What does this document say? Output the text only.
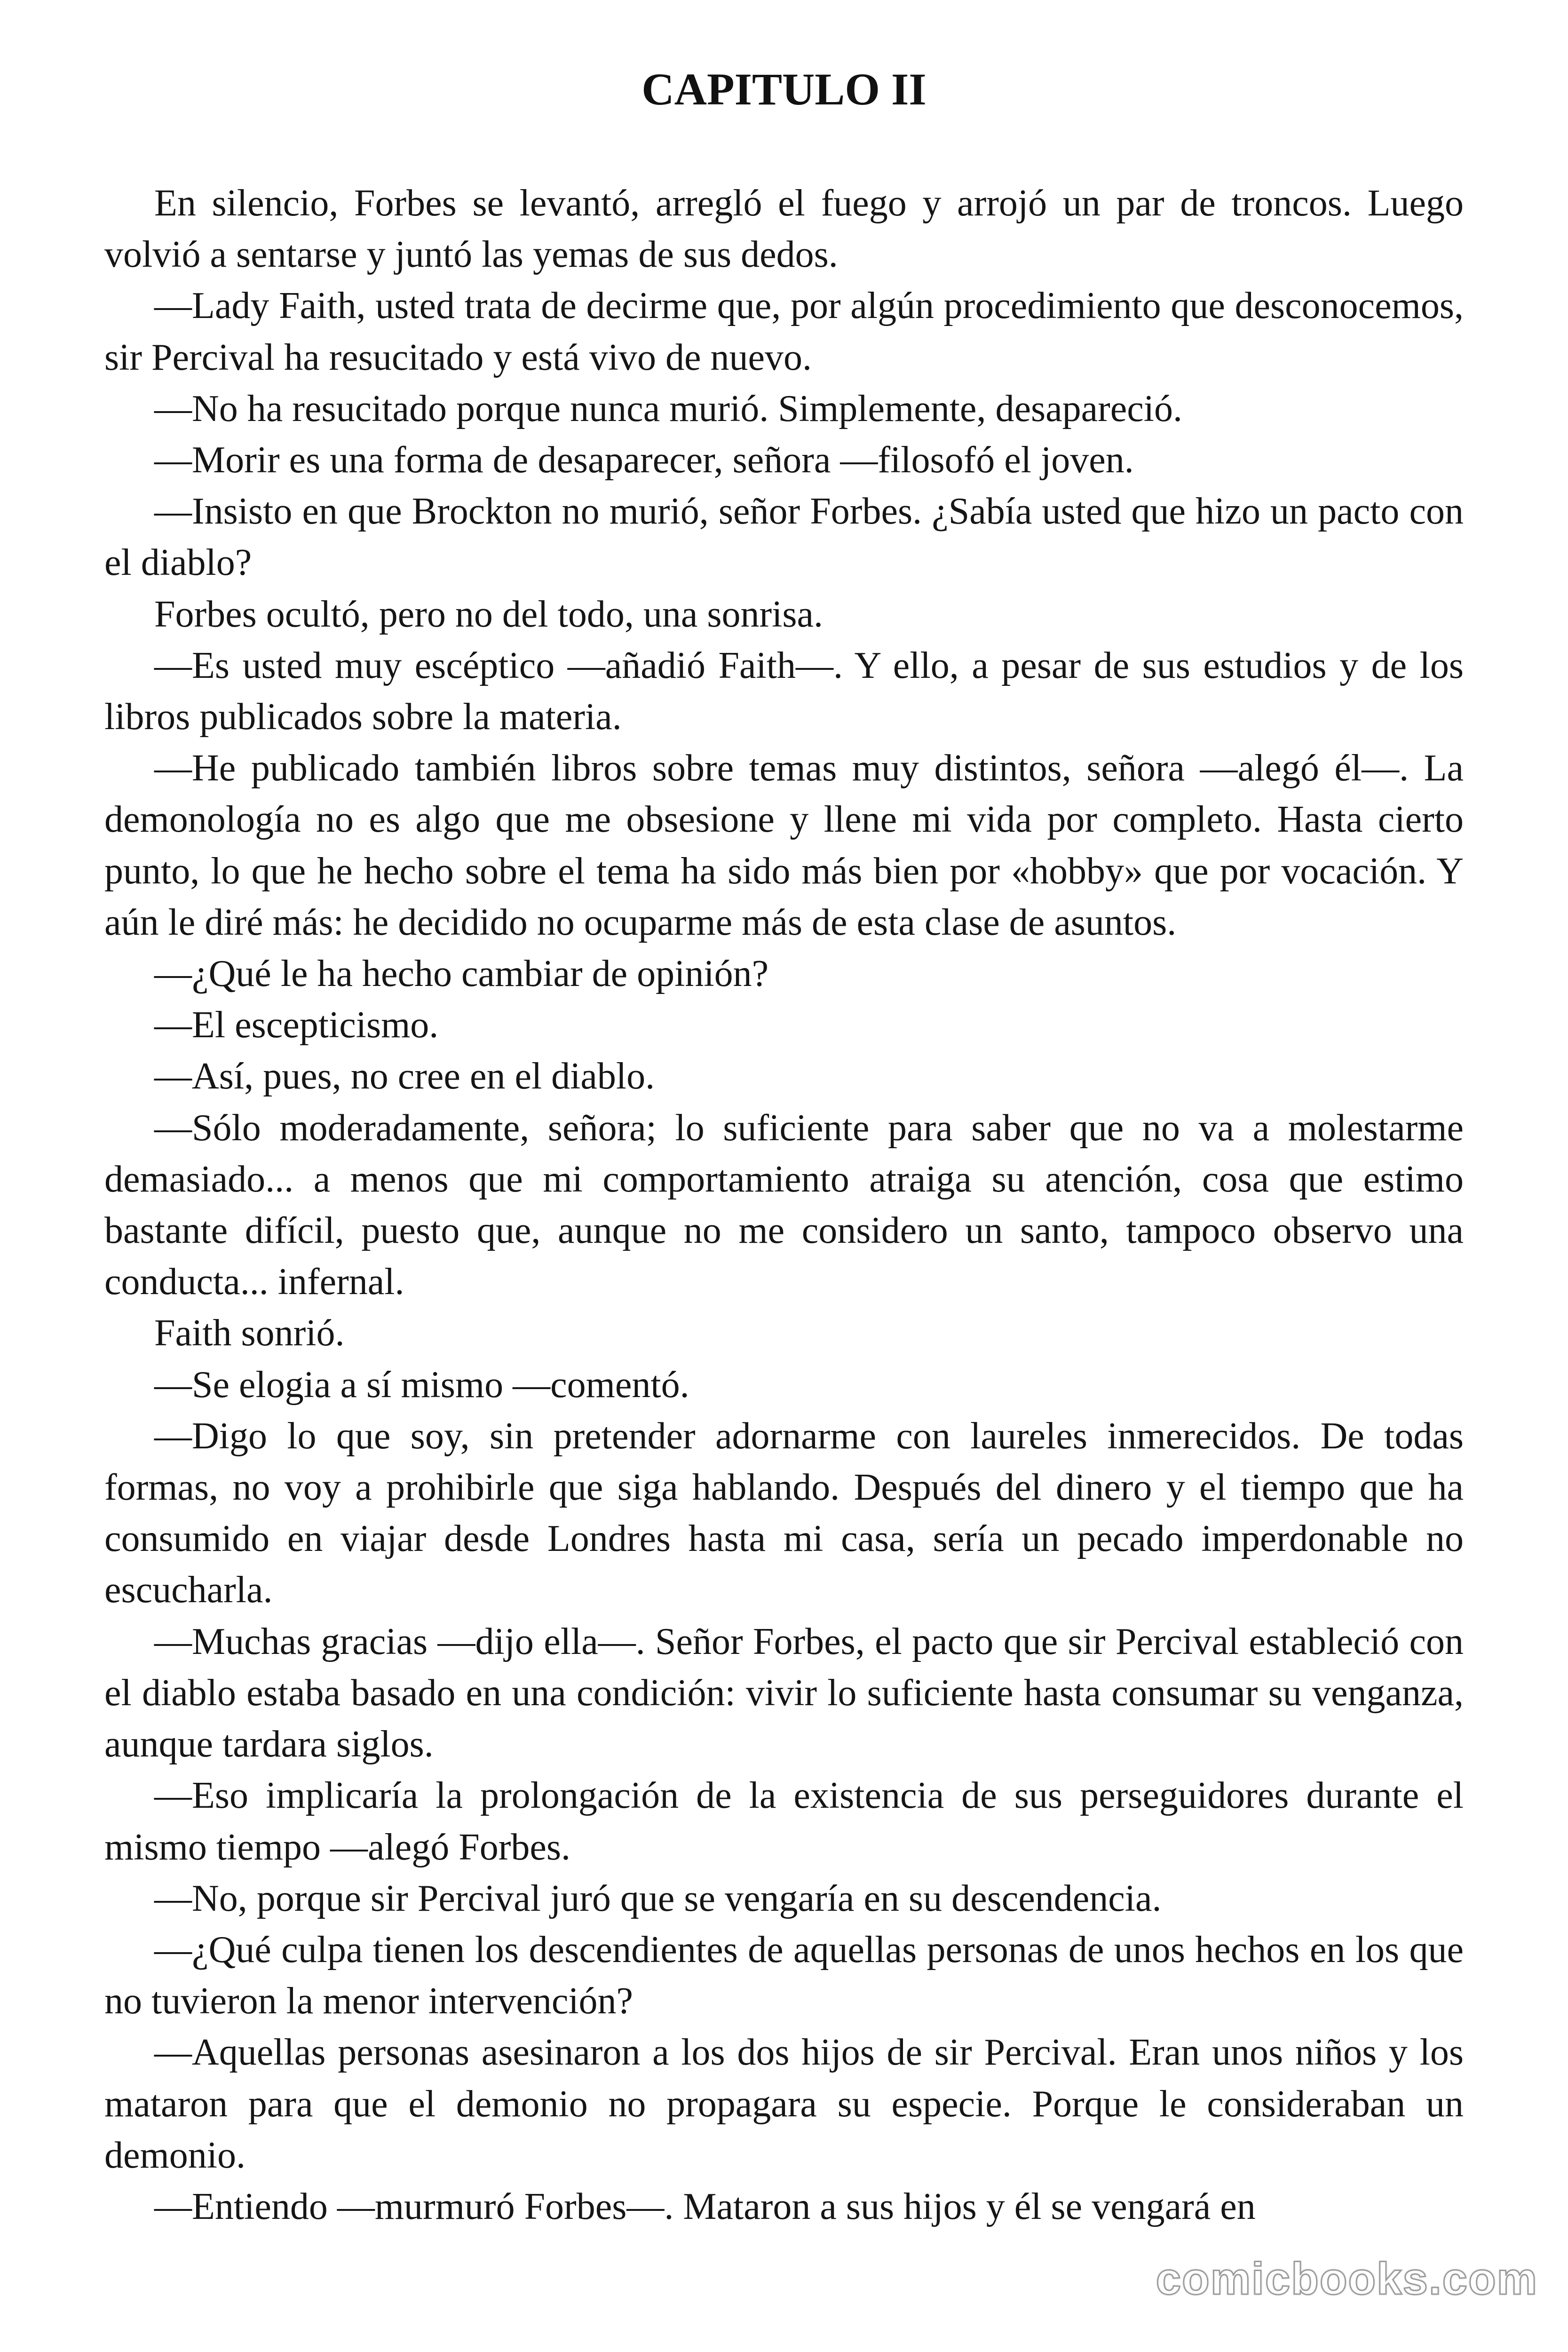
CAPITULO II

En silencio, Forbes se levantó, arregló el fuego y arrojó un par de troncos. Luego volvió a sentarse y juntó las yemas de sus dedos.

—Lady Faith, usted trata de decirme que, por algún procedimiento que desconocemos, sir Percival ha resucitado y está vivo de nuevo.

—No ha resucitado porque nunca murió. Simplemente, desapareció.

—Morir es una forma de desaparecer, señora —filosofó el joven.

—Insisto en que Brockton no murió, señor Forbes. ¿Sabía usted que hizo un pacto con el diablo?

Forbes ocultó, pero no del todo, una sonrisa.

—Es usted muy escéptico —añadió Faith—. Y ello, a pesar de sus estudios y de los libros publicados sobre la materia.

—He publicado también libros sobre temas muy distintos, señora —alegó él—. La demonología no es algo que me obsesione y llene mi vida por completo. Hasta cierto punto, lo que he hecho sobre el tema ha sido más bien por «hobby» que por vocación. Y aún le diré más: he decidido no ocuparme más de esta clase de asuntos.

—¿Qué le ha hecho cambiar de opinión?

—El escepticismo.

—Así, pues, no cree en el diablo.

—Sólo moderadamente, señora; lo suficiente para saber que no va a molestarme demasiado... a menos que mi comportamiento atraiga su atención, cosa que estimo bastante difícil, puesto que, aunque no me considero un santo, tampoco observo una conducta... infernal.

Faith sonrió.

—Se elogia a sí mismo —comentó.

—Digo lo que soy, sin pretender adornarme con laureles inmerecidos. De todas formas, no voy a prohibirle que siga hablando. Después del dinero y el tiempo que ha consumido en viajar desde Londres hasta mi casa, sería un pecado imperdonable no escucharla.

—Muchas gracias —dijo ella—. Señor Forbes, el pacto que sir Percival estableció con el diablo estaba basado en una condición: vivir lo suficiente hasta consumar su venganza, aunque tardara siglos.

—Eso implicaría la prolongación de la existencia de sus perseguidores durante el mismo tiempo —alegó Forbes.

—No, porque sir Percival juró que se vengaría en su descendencia.

—¿Qué culpa tienen los descendientes de aquellas personas de unos hechos en los que no tuvieron la menor intervención?

—Aquellas personas asesinaron a los dos hijos de sir Percival. Eran unos niños y los mataron para que el demonio no propagara su especie. Porque le consideraban un demonio.

—Entiendo —murmuró Forbes—. Mataron a sus hijos y él se vengará en

comicbooks.com
